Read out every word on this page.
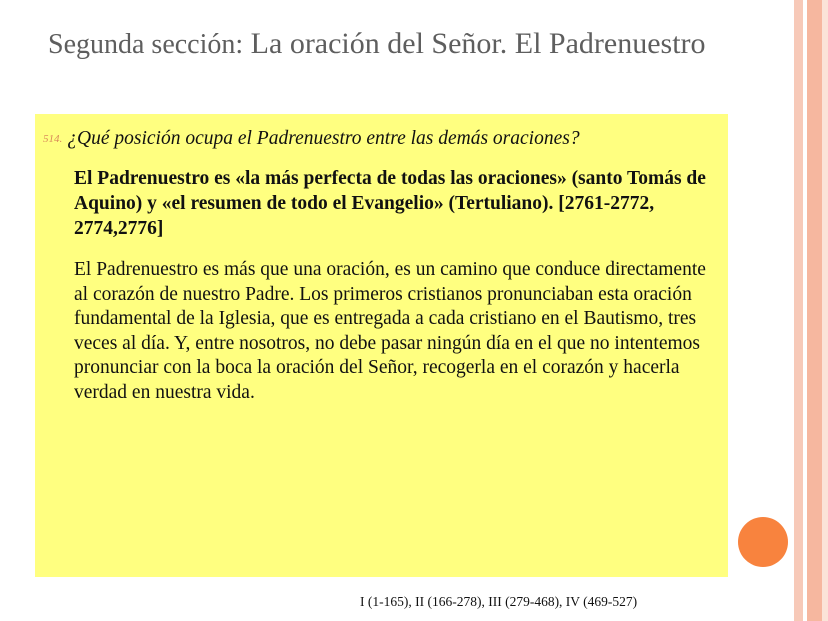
Segunda sección: La oración del Señor. El Padrenuestro
514. ¿Qué posición ocupa el Padrenuestro entre las demás oraciones?

El Padrenuestro es «la más perfecta de todas las oraciones» (santo Tomás de Aquino) y «el resumen de todo el Evangelio» (Tertuliano). [2761-2772, 2774,2776]

El Padrenuestro es más que una oración, es un camino que conduce directamente al corazón de nuestro Padre. Los primeros cristianos pronunciaban esta oración fundamental de la Iglesia, que es entregada a cada cristiano en el Bautismo, tres veces al día. Y, entre nosotros, no debe pasar ningún día en el que no intentemos pronunciar con la boca la oración del Señor, recogerla en el corazón y hacerla verdad en nuestra vida.

I (1-165), II (166-278), III (279-468), IV (469-527)
